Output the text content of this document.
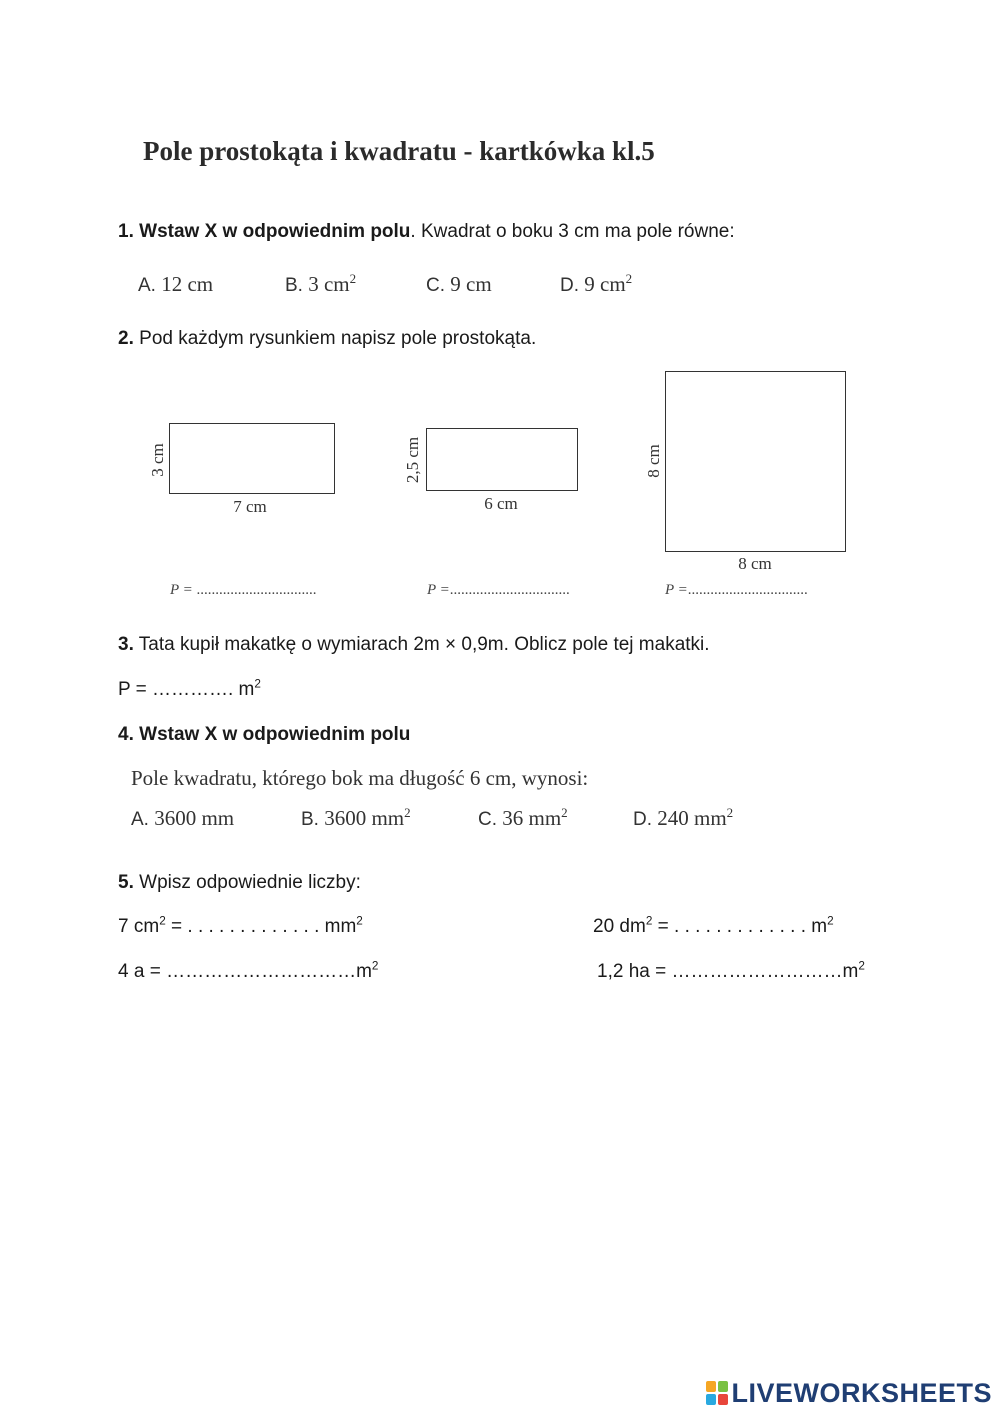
Pole prostokąta i kwadratu - kartkówka kl.5
1. Wstaw X w odpowiednim polu. Kwadrat o boku 3 cm ma pole równe:
A. 12 cm	B. 3 $cm^2$	C. 9 cm	D. 9 $cm^2$
2. Pod każdym rysunkiem napisz pole prostokąta.
3 cm
7 cm
P = ................................
2,5 cm
6 cm
P =................................
8 cm
8 cm
P =................................
3. Tata kupił makatkę o wymiarach 2m × 0,9m. Oblicz pole tej makatki.
P = …………. $m^2$
4. Wstaw X w odpowiednim polu
Pole kwadratu, którego bok ma długość 6 cm, wynosi:
A. 3600 mm	B. 3600 $mm^2$	C. 36 $mm^2$	D. 240 $mm^2$
5. Wpisz odpowiednie liczby:
7 $cm^2$ = . . . . . . . . . . . . . $mm^2$	20 $dm^2$ = . . . . . . . . . . . . . $m^2$
4 $a = \dots\dots\dots\dots\dots\dots\dots\dots\dots\dots m^2$	1,2 ha = $\dots\dots\dots\dots\dots\dots\dots\dots\dots m^2$
LIVEWORKSHEETS
